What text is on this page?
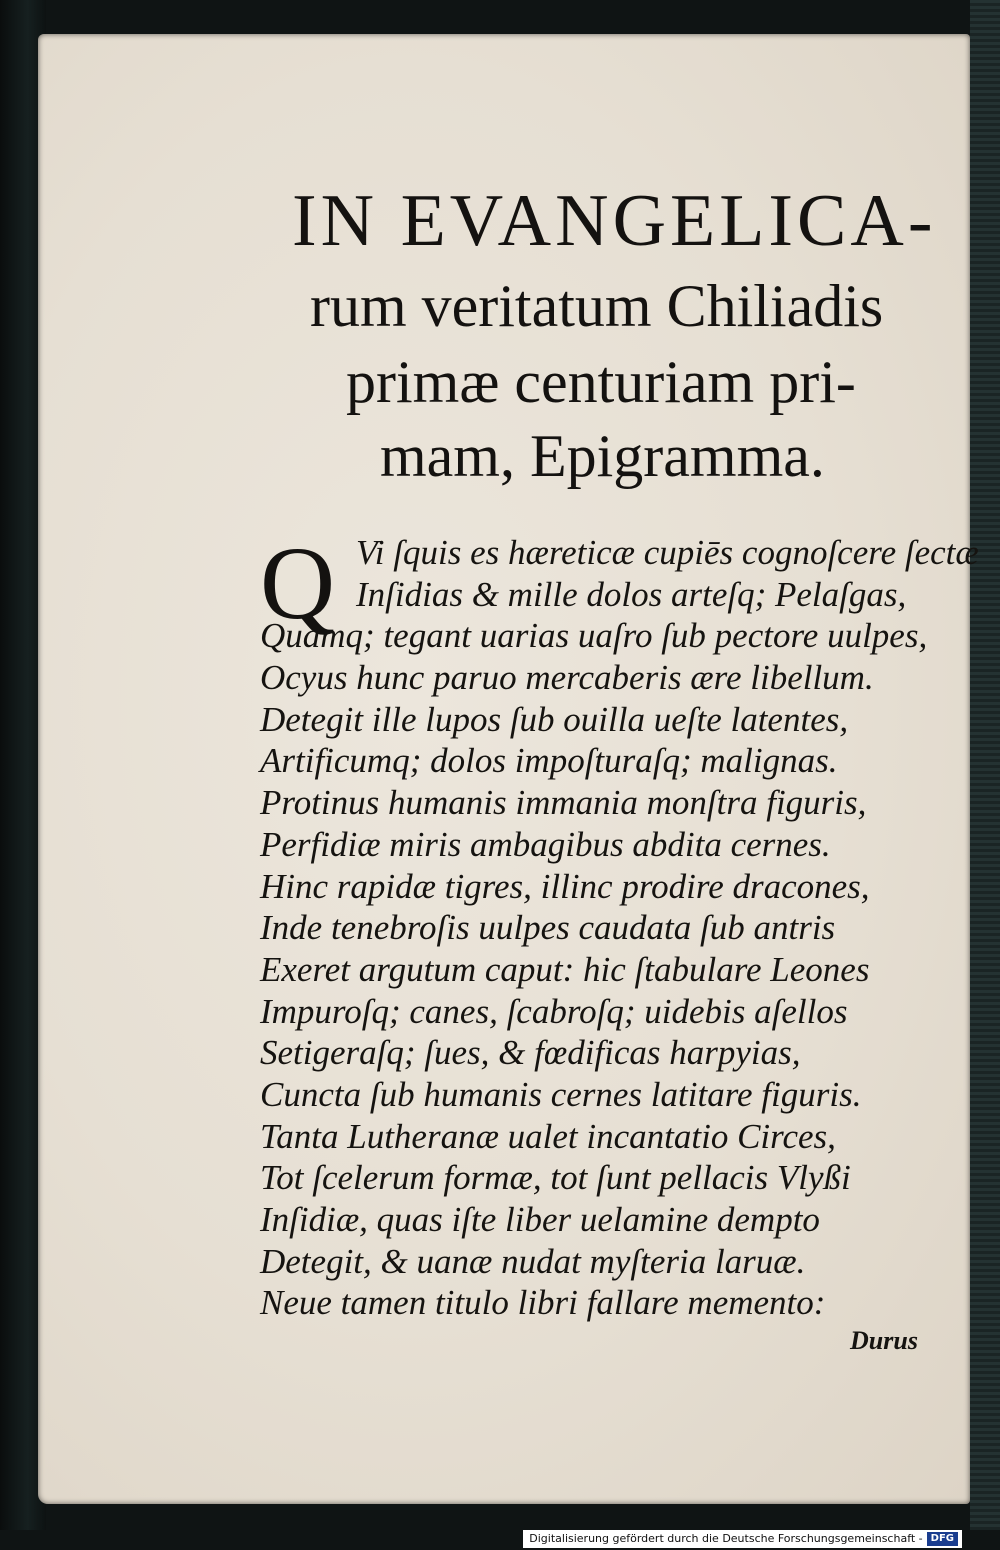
IN EVANGELICA-
rum veritatum Chiliadis
primæ centuriam pri-
mam, Epigramma.
Q Vi ſquis es hæreticæ cupiēs cognoſcere ſectæ
Inſidias & mille dolos arteſq; Pelaſgas,
Quamq; tegant uarias uaſro ſub pectore uulpes,
Ocyus hunc paruo mercaberis ære libellum.
Detegit ille lupos ſub ouilla ueſte latentes,
Artificumq; dolos impoſturaſq; malignas.
Protinus humanis immania monſtra figuris,
Perfidiæ miris ambagibus abdita cernes.
Hinc rapidæ tigres, illinc prodire dracones,
Inde tenebroſis uulpes caudata ſub antris
Exeret argutum caput: hic ſtabulare Leones
Impuroſq; canes, ſcabroſq; uidebis aſellos
Setigeraſq; ſues, & fœdificas harpyias,
Cuncta ſub humanis cernes latitare figuris.
Tanta Lutheranæ ualet incantatio Circes,
Tot ſcelerum formæ, tot ſunt pellacis Vlyßi
Inſidiæ, quas iſte liber uelamine dempto
Detegit, & uanæ nudat myſteria laruæ.
Neue tamen titulo libri fallare memento:
Durus
Digitalisierung gefördert durch die Deutsche Forschungsgemeinschaft - DFG
